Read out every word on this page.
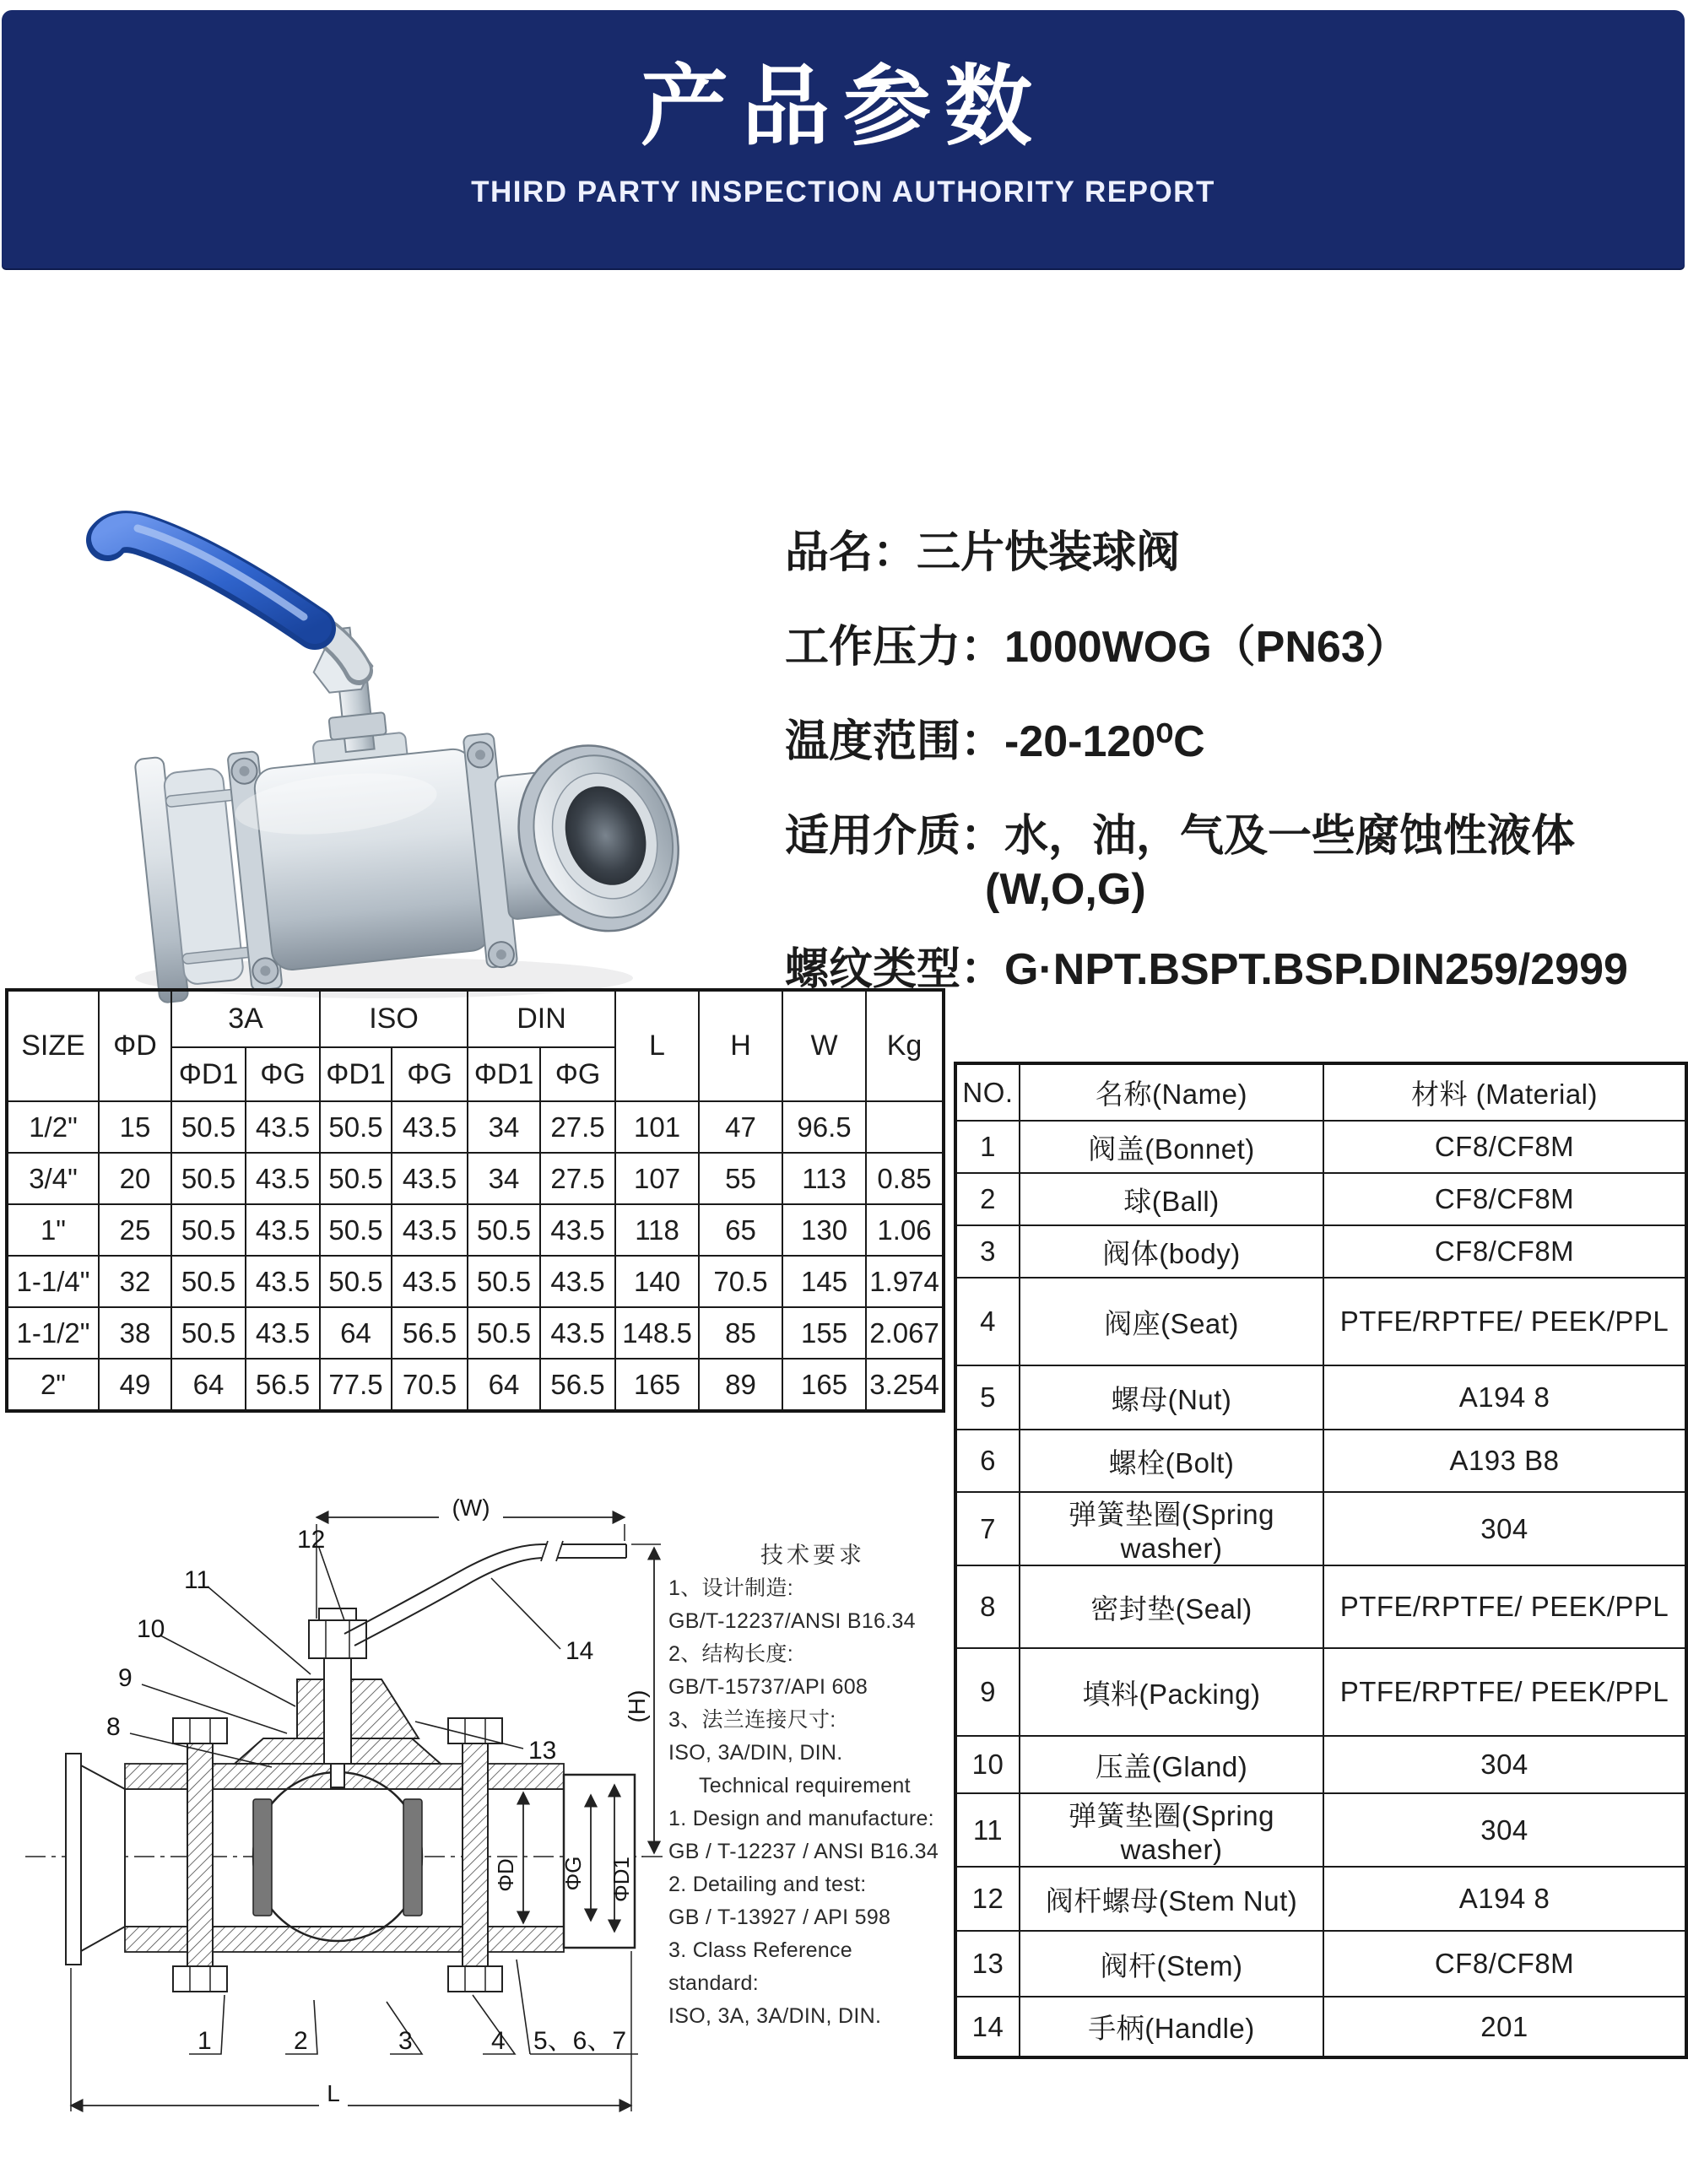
产品参数
THIRD PARTY INSPECTION AUTHORITY REPORT
品名：三片快装球阀
工作压力：1000WOG（PN63）
温度范围：-20-120⁰C
适用介质：水，油，气及一些腐蚀性液体
(W,O,G)
螺纹类型：G·NPT.BSPT.BSP.DIN259/2999
SIZE	ΦD	3A		ISO		DIN		L	H	W	Kg
		ΦD1	ΦG	ΦD1	ΦG	ΦD1	ΦG				
1/2"	15	50.5	43.5	50.5	43.5	34	27.5	101	47	96.5	
3/4"	20	50.5	43.5	50.5	43.5	34	27.5	107	55	113	0.85
1"	25	50.5	43.5	50.5	43.5	50.5	43.5	118	65	130	1.06
1-1/4"	32	50.5	43.5	50.5	43.5	50.5	43.5	140	70.5	145	1.974
1-1/2"	38	50.5	43.5	64	56.5	50.5	43.5	148.5	85	155	2.067
2"	49	64	56.5	77.5	70.5	64	56.5	165	89	165	3.254
NO.	名称(Name)	材料 (Material)
1	阀盖(Bonnet)	CF8/CF8M
2	球(Ball)	CF8/CF8M
3	阀体(body)	CF8/CF8M
4	阀座(Seat)	PTFE/RPTFE/ PEEK/PPL
5	螺母(Nut)	A194 8
6	螺栓(Bolt)	A193 B8
7	弹簧垫圈(Spring washer)	304
8	密封垫(Seal)	PTFE/RPTFE/ PEEK/PPL
9	填料(Packing)	PTFE/RPTFE/ PEEK/PPL
10	压盖(Gland)	304
11	弹簧垫圈(Spring washer)	304
12	阀杆螺母(Stem Nut)	A194 8
13	阀杆(Stem)	CF8/CF8M
14	手柄(Handle)	201
(W)
(H)
ΦD ΦG ΦD1
L
12
11
10
9
8
14
13
1	2	3	4 5、6、7
技术要求
1、设计制造:
GB/T-12237/ANSI B16.34
2、结构长度:
GB/T-15737/API 608
3、法兰连接尺寸:
ISO, 3A/DIN, DIN.
Technical requirement
1. Design and manufacture:
GB / T-12237 / ANSI B16.34
2. Detailing and test:
GB / T-13927 / API 598
3. Class Reference
standard:
ISO, 3A, 3A/DIN, DIN.
